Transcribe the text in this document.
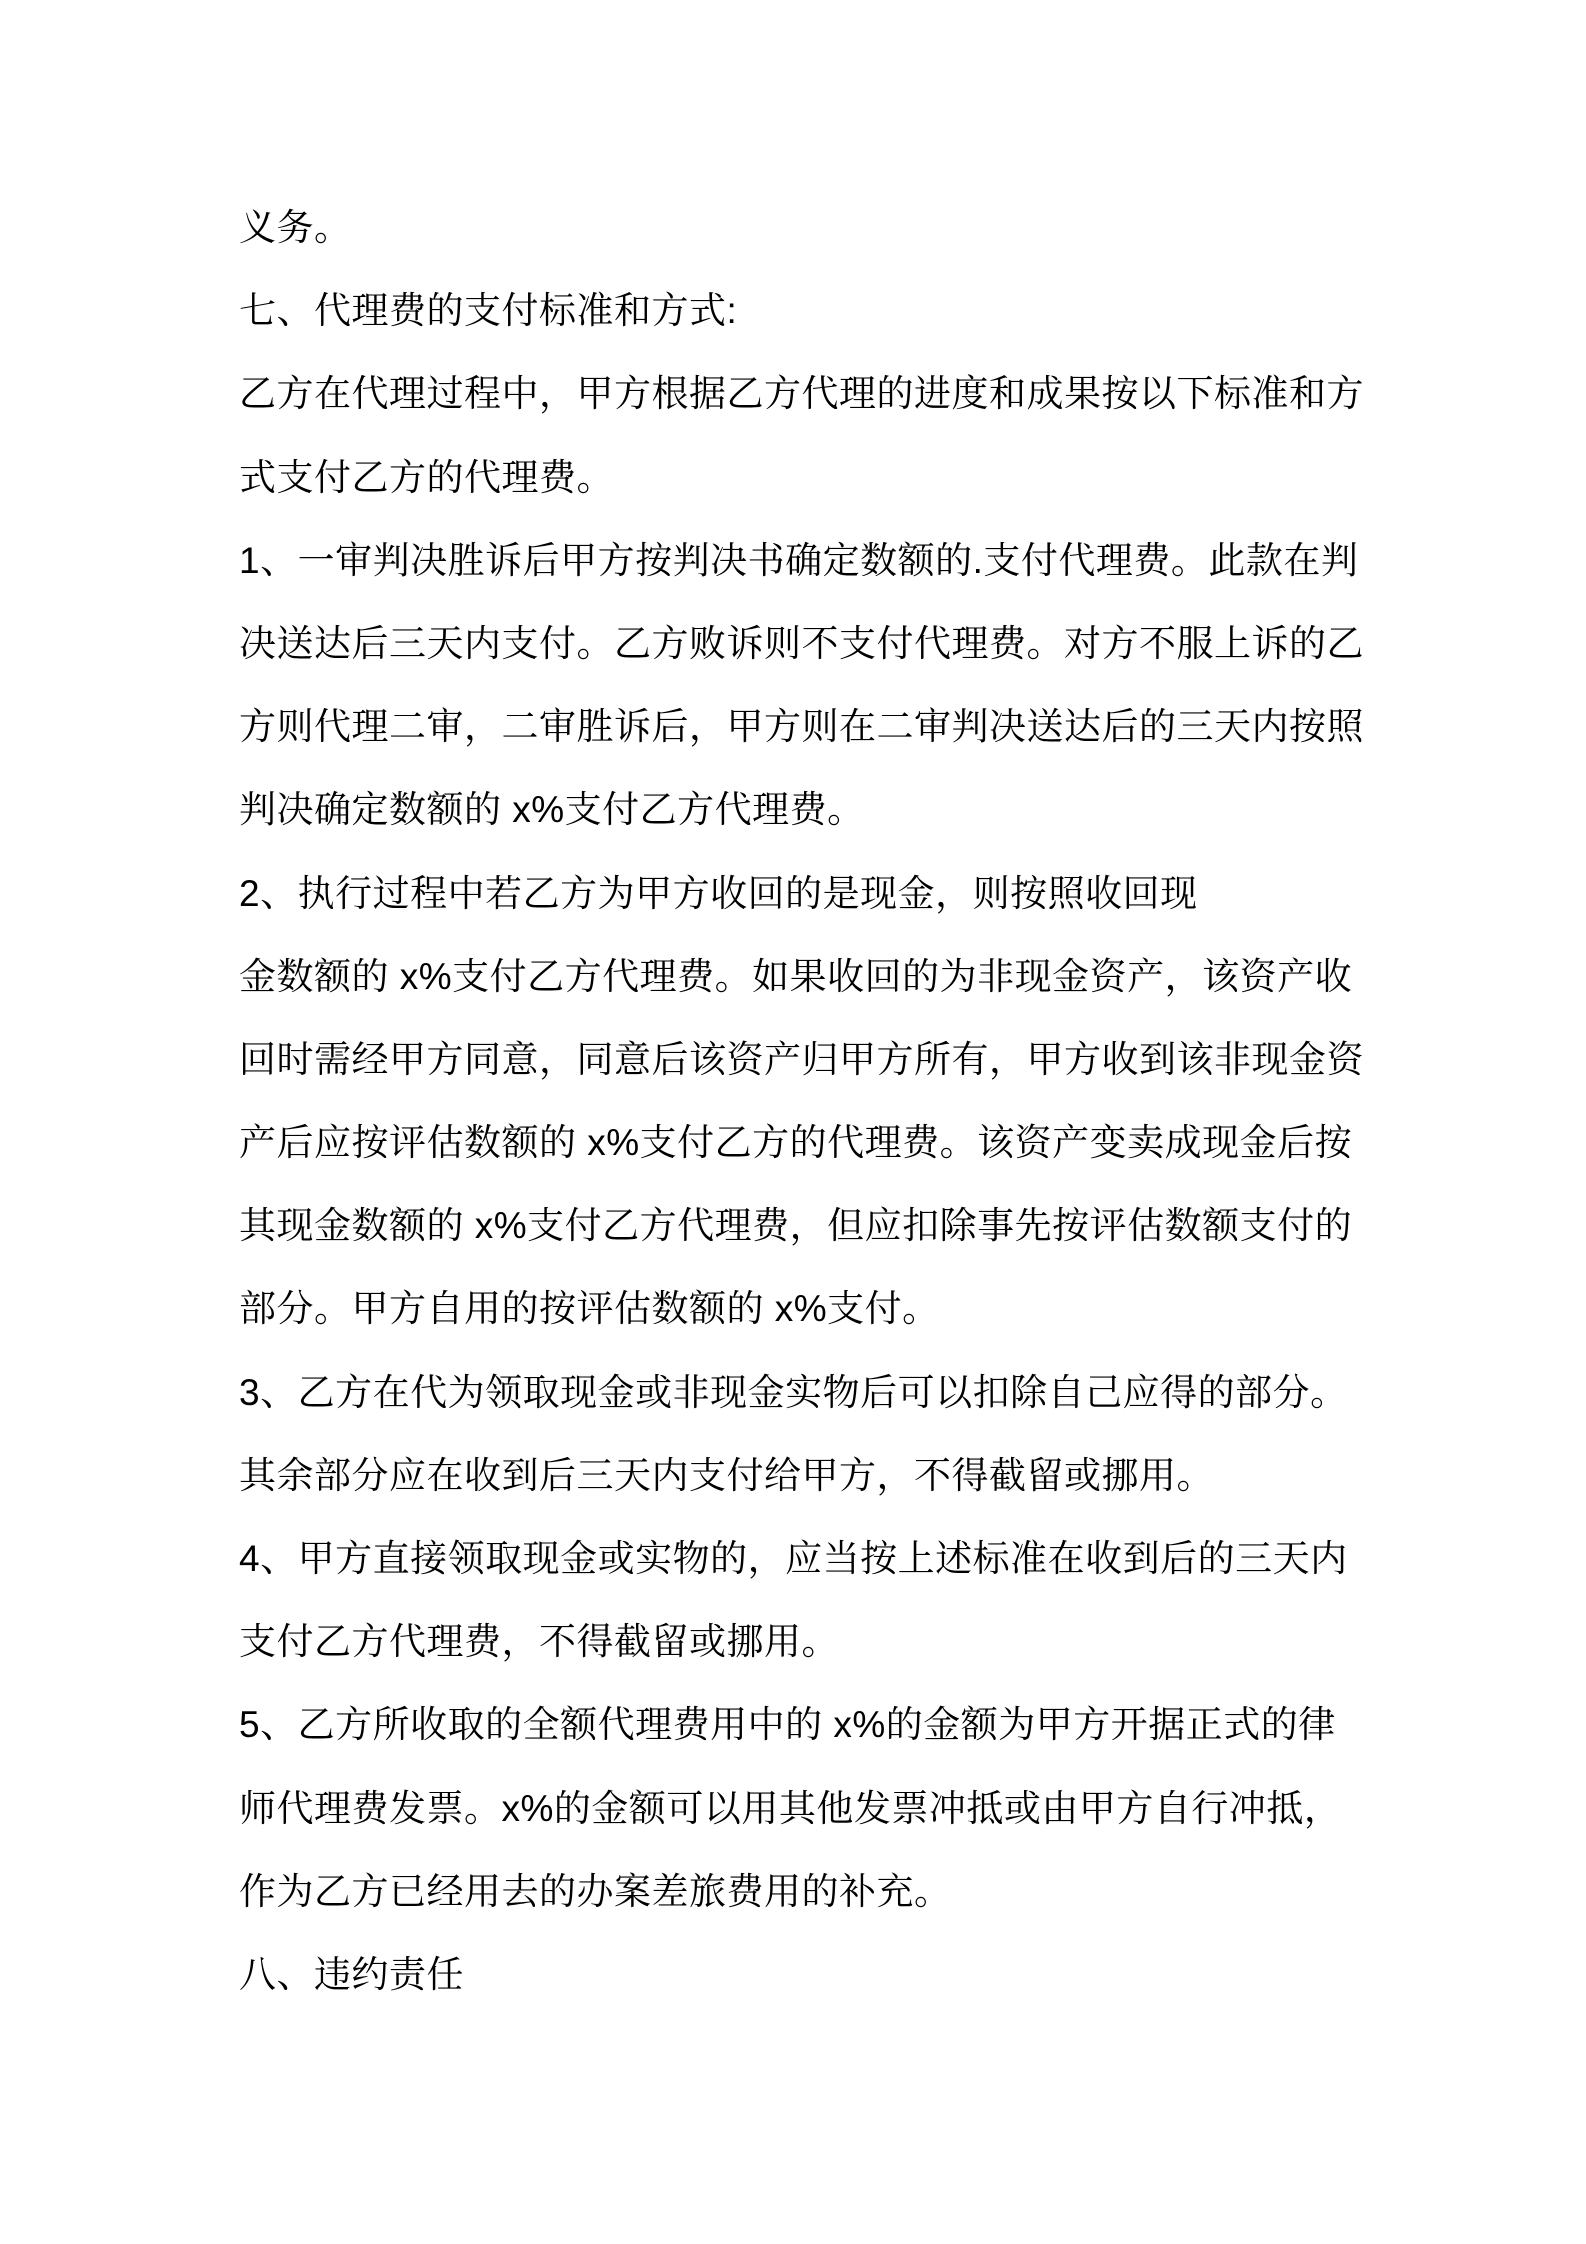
义务。
七、代理费的支付标准和方式:
乙方在代理过程中，甲方根据乙方代理的进度和成果按以下标准和方
式支付乙方的代理费。
1、一审判决胜诉后甲方按判决书确定数额的.支付代理费。此款在判
决送达后三天内支付。乙方败诉则不支付代理费。对方不服上诉的乙
方则代理二审，二审胜诉后，甲方则在二审判决送达后的三天内按照
判决确定数额的 x%支付乙方代理费。
2、执行过程中若乙方为甲方收回的是现金，则按照收回现
金数额的 x%支付乙方代理费。如果收回的为非现金资产，该资产收
回时需经甲方同意，同意后该资产归甲方所有，甲方收到该非现金资
产后应按评估数额的 x%支付乙方的代理费。该资产变卖成现金后按
其现金数额的 x%支付乙方代理费，但应扣除事先按评估数额支付的
部分。甲方自用的按评估数额的 x%支付。
3、乙方在代为领取现金或非现金实物后可以扣除自己应得的部分。
其余部分应在收到后三天内支付给甲方，不得截留或挪用。
4、甲方直接领取现金或实物的，应当按上述标准在收到后的三天内
支付乙方代理费，不得截留或挪用。
5、乙方所收取的全额代理费用中的 x%的金额为甲方开据正式的律
师代理费发票。x%的金额可以用其他发票冲抵或由甲方自行冲抵，
作为乙方已经用去的办案差旅费用的补充。
八、违约责任
